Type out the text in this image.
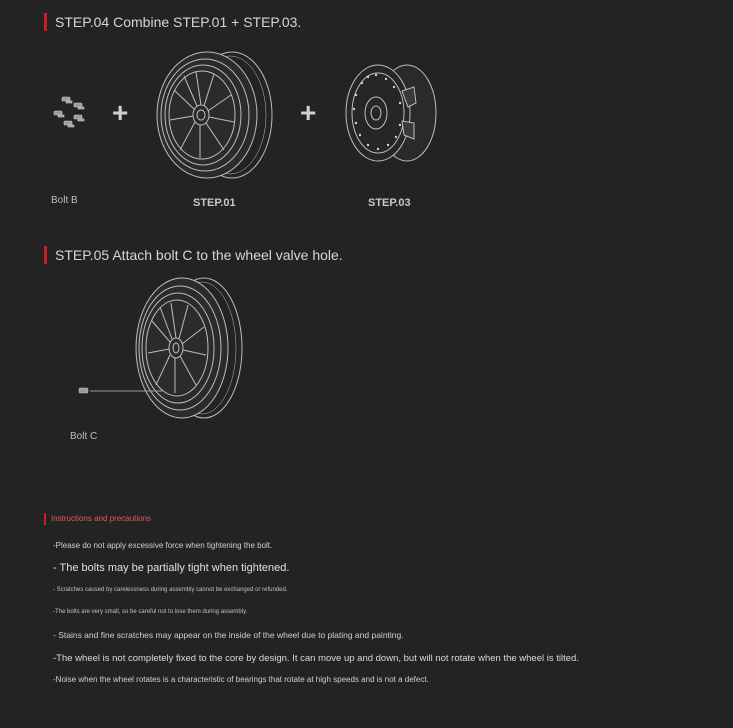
STEP.04 Combine STEP.01 + STEP.03.
Bolt B
+
STEP.01
+
STEP.03
STEP.05 Attach bolt C to the wheel valve hole.
Bolt C
Instructions and precautions
-Please do not apply excessive force when tightening the bolt.
- The bolts may be partially tight when tightened.
- Scratches caused by carelessness during assembly cannot be exchanged or refunded.
-The bolts are very small, so be careful not to lose them during assembly.
- Stains and fine scratches may appear on the inside of the wheel due to plating and painting.
-The wheel is not completely fixed to the core by design. It can move up and down, but will not rotate when the wheel is tilted.
-Noise when the wheel rotates is a characteristic of bearings that rotate at high speeds and is not a defect.
